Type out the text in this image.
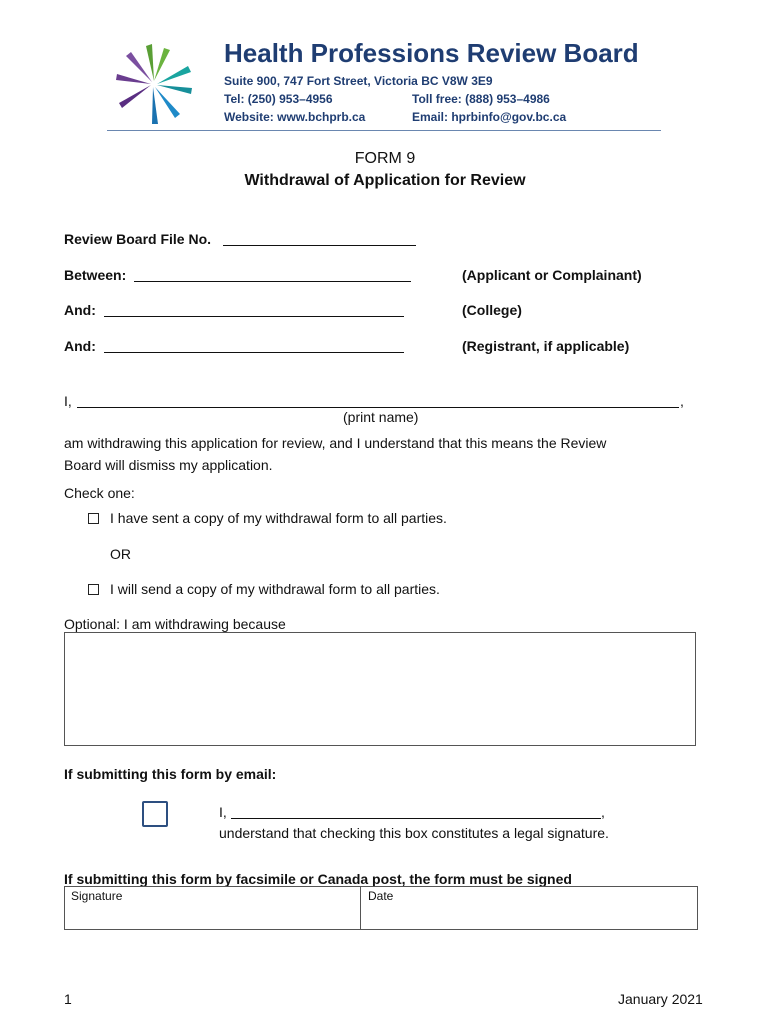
Health Professions Review Board
Suite 900, 747 Fort Street, Victoria BC V8W 3E9
Tel: (250) 953–4956	Toll free: (888) 953–4986
Website: www.bchprb.ca	Email: hprbinfo@gov.bc.ca
FORM 9
Withdrawal of Application for Review
Review Board File No.
Between:	(Applicant or Complainant)
And:	(College)
And:	(Registrant, if applicable)
I,	,
(print name)
am withdrawing this application for review, and I understand that this means the Review
Board will dismiss my application.
Check one:
I have sent a copy of my withdrawal form to all parties.
OR
I will send a copy of my withdrawal form to all parties.
Optional: I am withdrawing because
If submitting this form by email:
I,	,
understand that checking this box constitutes a legal signature.
If submitting this form by facsimile or Canada post, the form must be signed
Signature	Date
1	January 2021
